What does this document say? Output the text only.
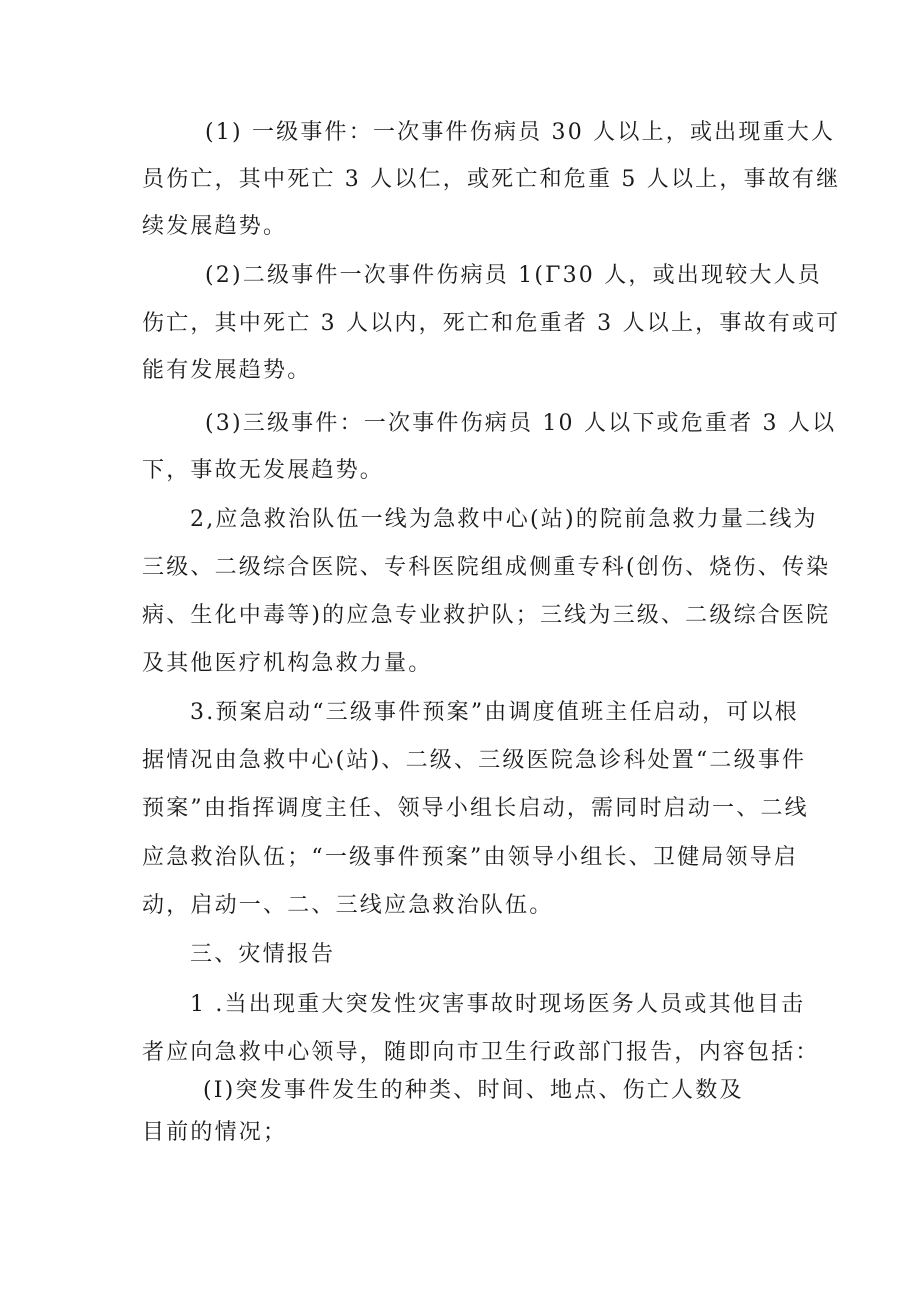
(1) 一级事件：一次事件伤病员 30 人以上，或出现重大人
员伤亡，其中死亡 3 人以仁，或死亡和危重 5 人以上，事故有继
续发展趋势。
(2)二级事件一次事件伤病员 1(Γ30 人，或出现较大人员
伤亡，其中死亡 3 人以内，死亡和危重者 3 人以上，事故有或可
能有发展趋势。
(3)三级事件：一次事件伤病员 10 人以下或危重者 3 人以
下，事故无发展趋势。
2,应急救治队伍一线为急救中心(站)的院前急救力量二线为
三级、二级综合医院、专科医院组成侧重专科(创伤、烧伤、传染
病、生化中毒等)的应急专业救护队；三线为三级、二级综合医院
及其他医疗机构急救力量。
3.预案启动“三级事件预案”由调度值班主任启动，可以根
据情况由急救中心(站)、二级、三级医院急诊科处置“二级事件
预案”由指挥调度主任、领导小组长启动，需同时启动一、二线
应急救治队伍；“一级事件预案”由领导小组长、卫健局领导启
动，启动一、二、三线应急救治队伍。
三、灾情报告
1 .当出现重大突发性灾害事故时现场医务人员或其他目击
者应向急救中心领导，随即向市卫生行政部门报告，内容包括：
(I)突发事件发生的种类、时间、地点、伤亡人数及
目前的情况；
